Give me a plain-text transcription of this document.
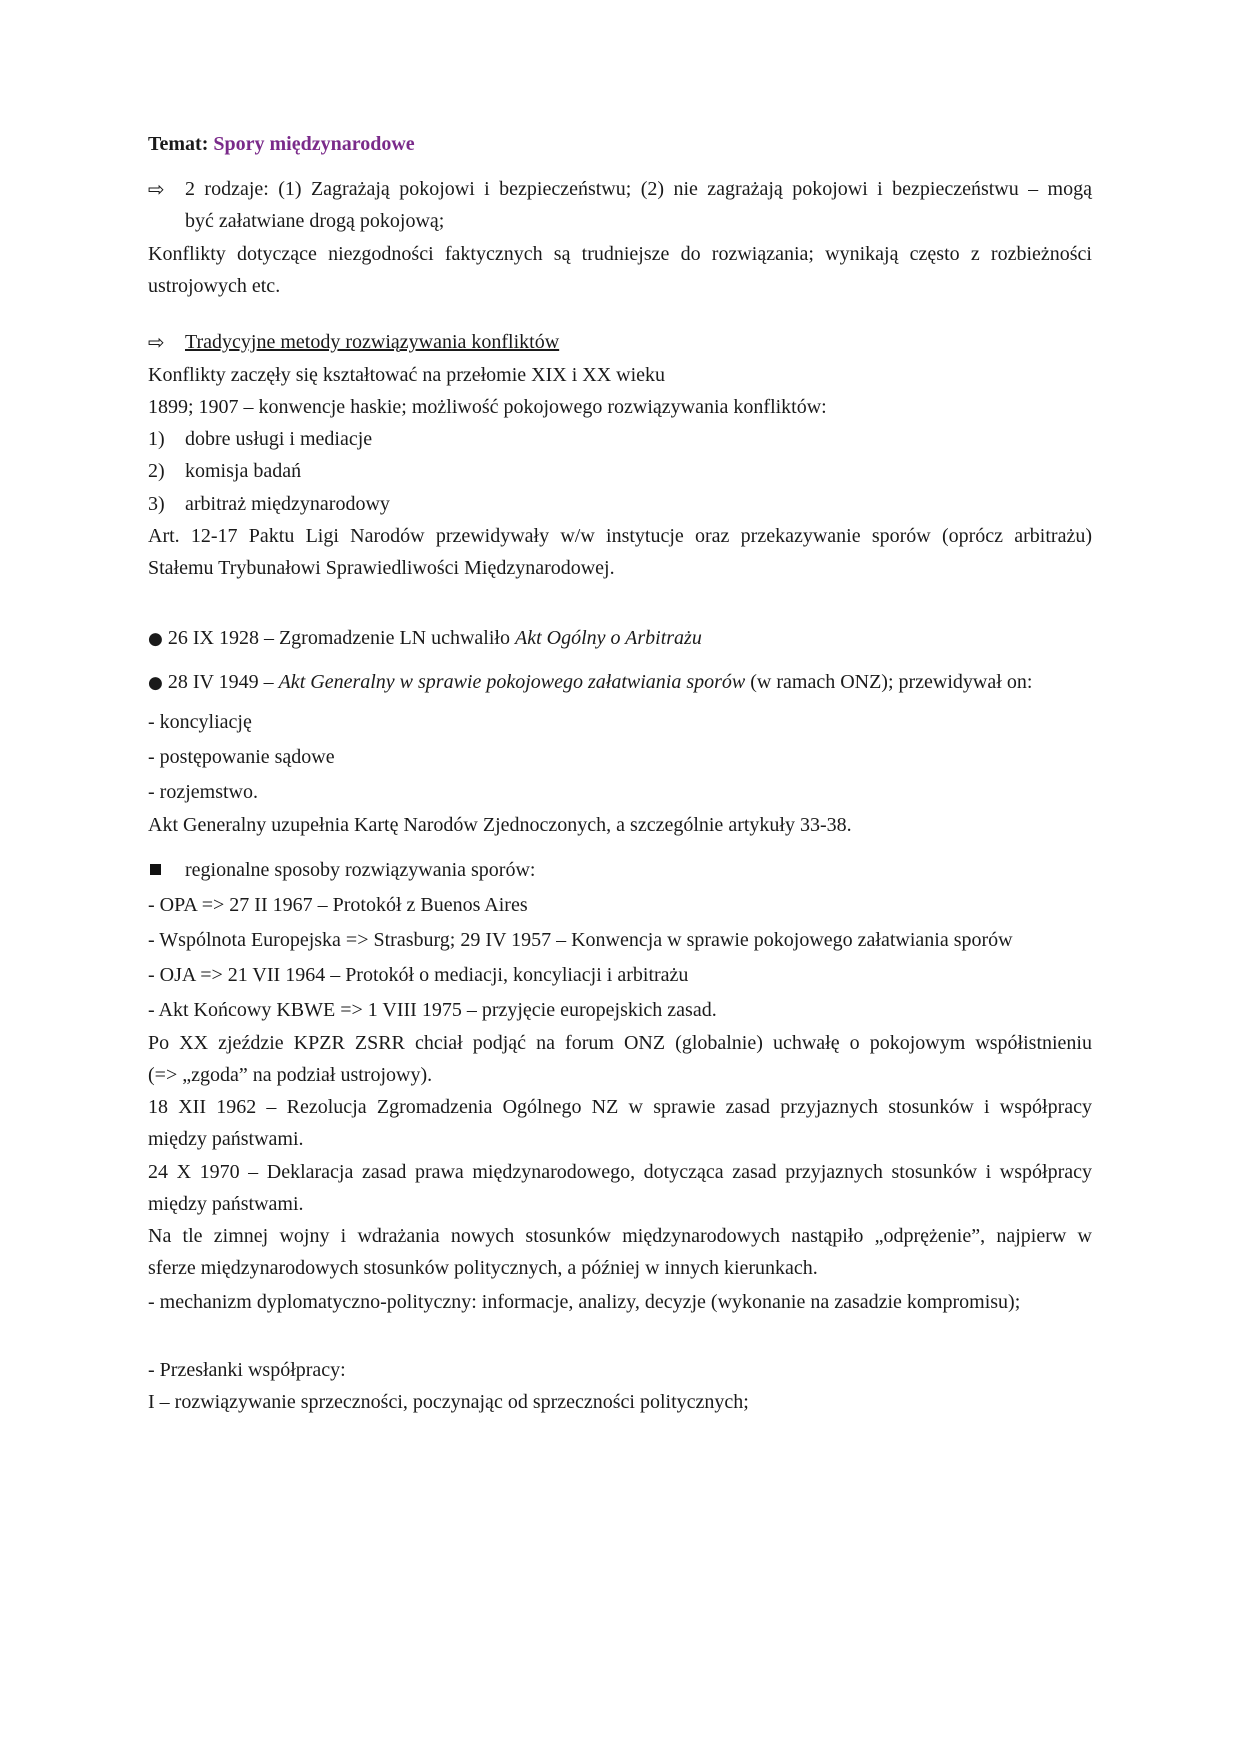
Temat: Spory międzynarodowe
⇨ 2 rodzaje: (1) Zagrażają pokojowi i bezpieczeństwu; (2) nie zagrażają pokojowi i bezpieczeństwu – mogą
być załatwiane drogą pokojową;
Konflikty dotyczące niezgodności faktycznych są trudniejsze do rozwiązania; wynikają często z rozbieżności
ustrojowych etc.
⇨ Tradycyjne metody rozwiązywania konfliktów
Konflikty zaczęły się kształtować na przełomie XIX i XX wieku
1899; 1907 – konwencje haskie; możliwość pokojowego rozwiązywania konfliktów:
1) dobre usługi i mediacje
2) komisja badań
3) arbitraż międzynarodowy
Art. 12-17 Paktu Ligi Narodów przewidywały w/w instytucje oraz przekazywanie sporów (oprócz arbitrażu)
Stałemu Trybunałowi Sprawiedliwości Międzynarodowej.
● 26 IX 1928 – Zgromadzenie LN uchwaliło Akt Ogólny o Arbitrażu
● 28 IV 1949 – Akt Generalny w sprawie pokojowego załatwiania sporów (w ramach ONZ); przewidywał on:
- koncyliację
- postępowanie sądowe
- rozjemstwo.
Akt Generalny uzupełnia Kartę Narodów Zjednoczonych, a szczególnie artykuły 33-38.
regionalne sposoby rozwiązywania sporów:
- OPA => 27 II 1967 – Protokół z Buenos Aires
- Wspólnota Europejska => Strasburg; 29 IV 1957 – Konwencja w sprawie pokojowego załatwiania sporów
- OJA => 21 VII 1964 – Protokół o mediacji, koncyliacji i arbitrażu
- Akt Końcowy KBWE => 1 VIII 1975 – przyjęcie europejskich zasad.
Po XX zjeździe KPZR ZSRR chciał podjąć na forum ONZ (globalnie) uchwałę o pokojowym współistnieniu
(=> „zgoda” na podział ustrojowy).
18 XII 1962 – Rezolucja Zgromadzenia Ogólnego NZ w sprawie zasad przyjaznych stosunków i współpracy
między państwami.
24 X 1970 – Deklaracja zasad prawa międzynarodowego, dotycząca zasad przyjaznych stosunków i współpracy
między państwami.
Na tle zimnej wojny i wdrażania nowych stosunków międzynarodowych nastąpiło „odprężenie”, najpierw w
sferze międzynarodowych stosunków politycznych, a później w innych kierunkach.
- mechanizm dyplomatyczno-polityczny: informacje, analizy, decyzje (wykonanie na zasadzie kompromisu);
- Przesłanki współpracy:
I – rozwiązywanie sprzeczności, poczynając od sprzeczności politycznych;
